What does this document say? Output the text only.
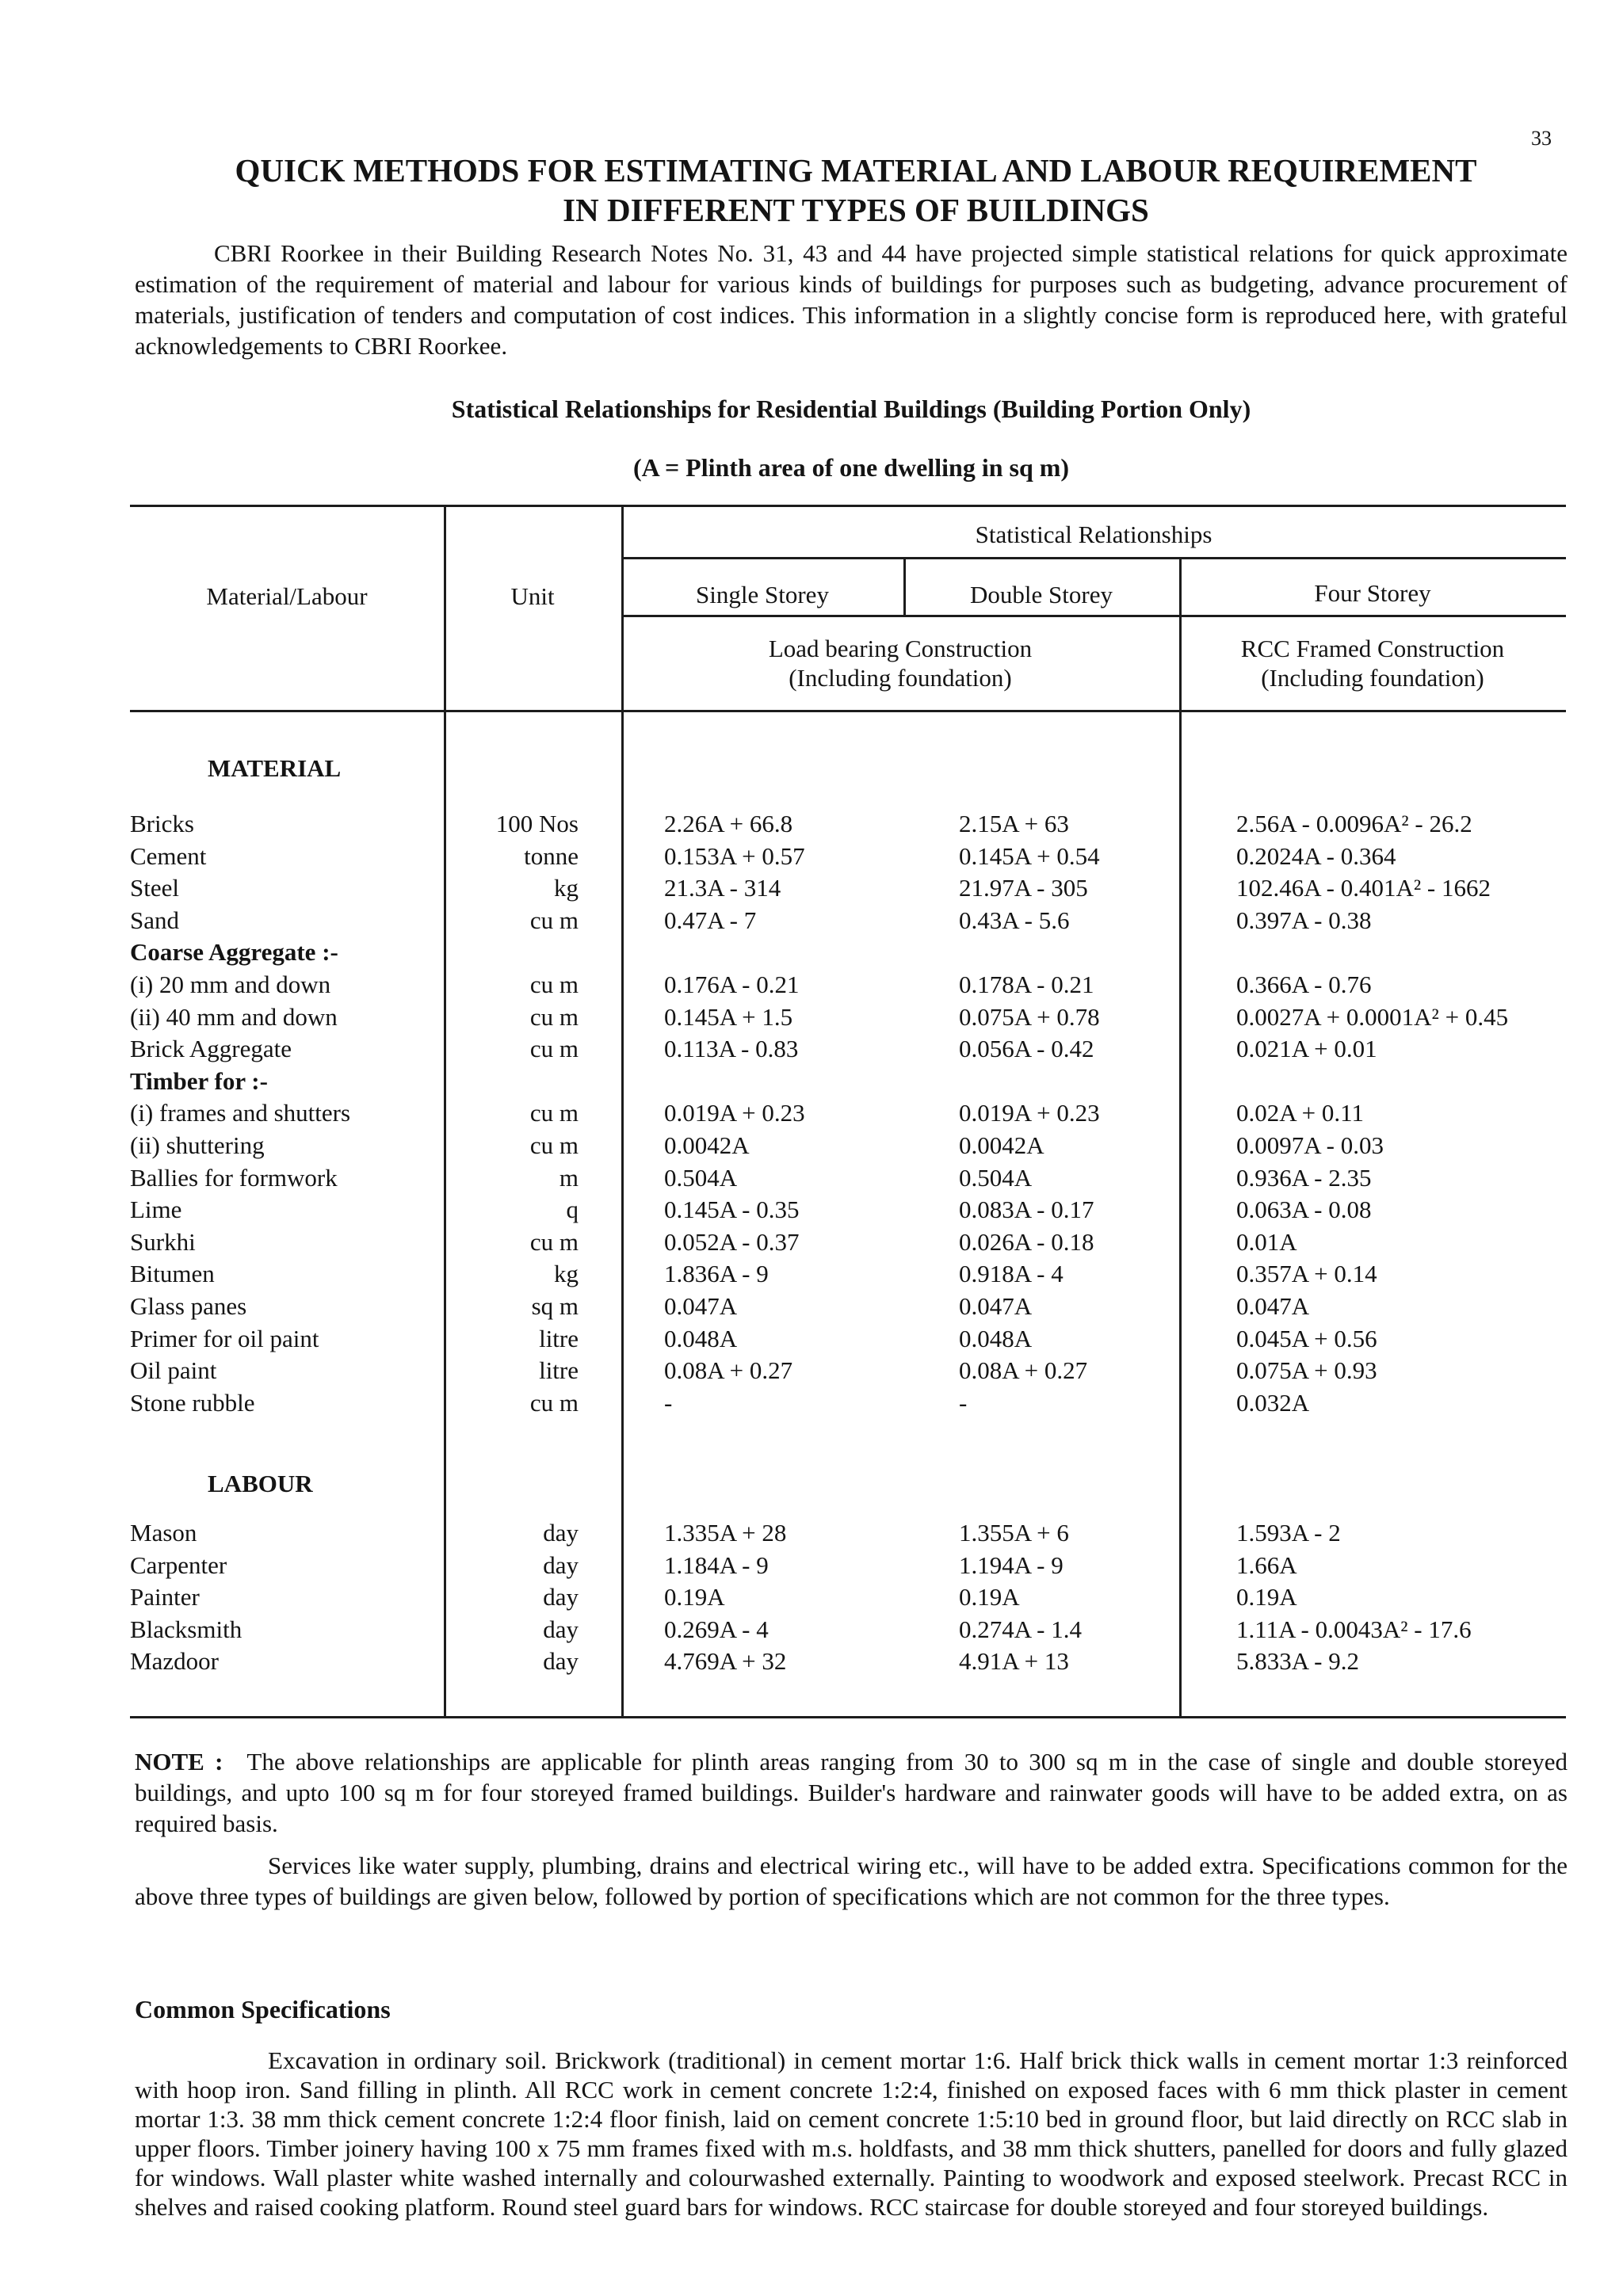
33
QUICK METHODS FOR ESTIMATING MATERIAL AND LABOUR REQUIREMENT
IN DIFFERENT TYPES OF BUILDINGS

CBRI Roorkee in their Building Research Notes No. 31, 43 and 44 have projected simple statistical relations for quick approximate estimation of the requirement of material and labour for various kinds of buildings for purposes such as budgeting, advance procurement of materials, justification of tenders and computation of cost indices. This information in a slightly concise form is reproduced here, with grateful acknowledgements to CBRI Roorkee.

Statistical Relationships for Residential Buildings (Building Portion Only)
(A = Plinth area of one dwelling in sq m)
Material/Labour	Unit
Statistical Relationships
Single Storey	Double Storey	Four Storey
Load bearing Construction
(Including foundation)
RCC Framed Construction
(Including foundation)
MATERIAL
Bricks	100 Nos	2.26A + 66.8	2.15A + 63	2.56A - 0.0096A² - 26.2
Cement	tonne	0.153A + 0.57	0.145A + 0.54	0.2024A - 0.364
Steel	kg	21.3A - 314	21.97A - 305	102.46A - 0.401A² - 1662
Sand	cu m	0.47A - 7	0.43A - 5.6	0.397A - 0.38
Coarse Aggregate :-
(i) 20 mm and down	cu m	0.176A - 0.21	0.178A - 0.21	0.366A - 0.76
(ii) 40 mm and down	cu m	0.145A + 1.5	0.075A + 0.78	0.0027A + 0.0001A² + 0.45
Brick Aggregate	cu m	0.113A - 0.83	0.056A - 0.42	0.021A + 0.01
Timber for :-
(i) frames and shutters	cu m	0.019A + 0.23	0.019A + 0.23	0.02A + 0.11
(ii) shuttering	cu m	0.0042A	0.0042A	0.0097A - 0.03
Ballies for formwork	m	0.504A	0.504A	0.936A - 2.35
Lime	q	0.145A - 0.35	0.083A - 0.17	0.063A - 0.08
Surkhi	cu m	0.052A - 0.37	0.026A - 0.18	0.01A
Bitumen	kg	1.836A - 9	0.918A - 4	0.357A + 0.14
Glass panes	sq m	0.047A	0.047A	0.047A
Primer for oil paint	litre	0.048A	0.048A	0.045A + 0.56
Oil paint	litre	0.08A + 0.27	0.08A + 0.27	0.075A + 0.93
Stone rubble	cu m	-	-	0.032A
LABOUR
Mason	day	1.335A + 28	1.355A + 6	1.593A - 2
Carpenter	day	1.184A - 9	1.194A - 9	1.66A
Painter	day	0.19A	0.19A	0.19A
Blacksmith	day	0.269A - 4	0.274A - 1.4	1.11A - 0.0043A² - 17.6
Mazdoor	day	4.769A + 32	4.91A + 13	5.833A - 9.2

NOTE : The above relationships are applicable for plinth areas ranging from 30 to 300 sq m in the case of single and double storeyed buildings, and upto 100 sq m for four storeyed framed buildings. Builder's hardware and rainwater goods will have to be added extra, on as required basis.

Services like water supply, plumbing, drains and electrical wiring etc., will have to be added extra. Specifications common for the above three types of buildings are given below, followed by portion of specifications which are not common for the three types.

Common Specifications

Excavation in ordinary soil. Brickwork (traditional) in cement mortar 1:6. Half brick thick walls in cement mortar 1:3 reinforced with hoop iron. Sand filling in plinth. All RCC work in cement concrete 1:2:4, finished on exposed faces with 6 mm thick plaster in cement mortar 1:3. 38 mm thick cement concrete 1:2:4 floor finish, laid on cement concrete 1:5:10 bed in ground floor, but laid directly on RCC slab in upper floors. Timber joinery having 100 x 75 mm frames fixed with m.s. holdfasts, and 38 mm thick shutters, panelled for doors and fully glazed for windows. Wall plaster white washed internally and colourwashed externally. Painting to woodwork and exposed steelwork. Precast RCC in shelves and raised cooking platform. Round steel guard bars for windows. RCC staircase for double storeyed and four storeyed buildings.
